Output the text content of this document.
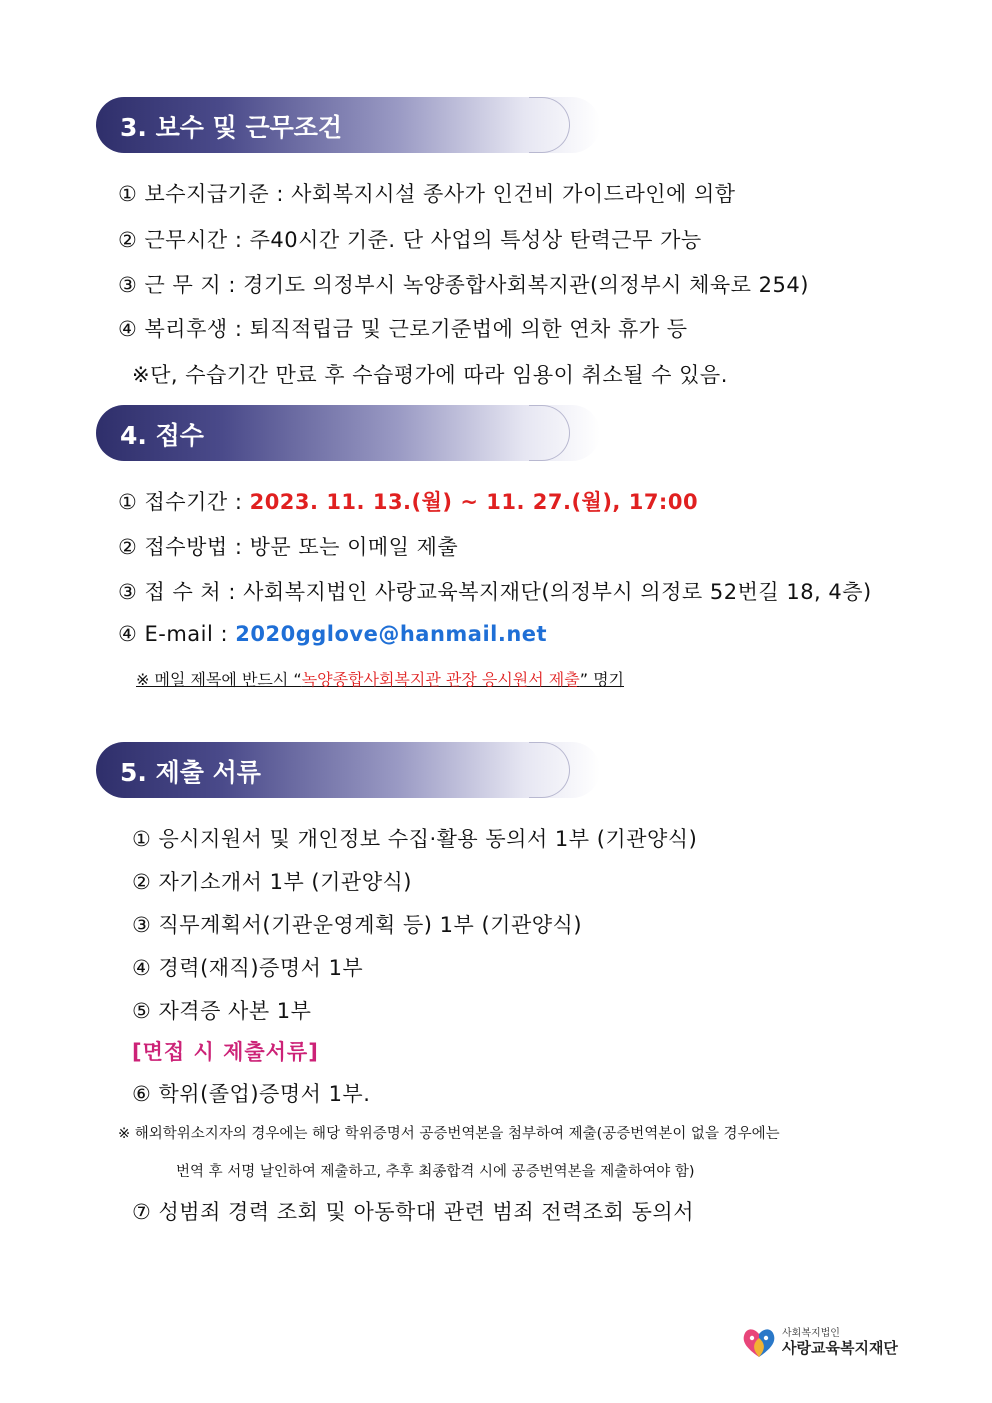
3. 보수 및 근무조건
① 보수지급기준 : 사회복지시설 종사가 인건비 가이드라인에 의함
② 근무시간 : 주40시간 기준. 단 사업의 특성상 탄력근무 가능
③ 근 무 지 : 경기도 의정부시 녹양종합사회복지관(의정부시 체육로 254)
④ 복리후생 : 퇴직적립금 및 근로기준법에 의한 연차 휴가 등
※단, 수습기간 만료 후 수습평가에 따라 임용이 취소될 수 있음.
4. 접수
① 접수기간 : 2023. 11. 13.(월) ~ 11. 27.(월), 17:00
② 접수방법 : 방문 또는 이메일 제출
③ 접 수 처 : 사회복지법인 사랑교육복지재단(의정부시 의정로 52번길 18, 4층)
④ E-mail : 2020gglove@hanmail.net
※ 메일 제목에 반드시 “녹양종합사회복지관 관장 응시원서 제출” 명기
5. 제출 서류
① 응시지원서 및 개인정보 수집·활용 동의서 1부 (기관양식)
② 자기소개서 1부 (기관양식)
③ 직무계획서(기관운영계획 등) 1부 (기관양식)
④ 경력(재직)증명서 1부
⑤ 자격증 사본 1부
[면접 시 제출서류]
⑥ 학위(졸업)증명서 1부.
※ 해외학위소지자의 경우에는 해당 학위증명서 공증번역본을 첨부하여 제출(공증번역본이 없을 경우에는
번역 후 서명 날인하여 제출하고, 추후 최종합격 시에 공증번역본을 제출하여야 함)
⑦ 성범죄 경력 조회 및 아동학대 관련 범죄 전력조회 동의서
사회복지법인
사랑교육복지재단
